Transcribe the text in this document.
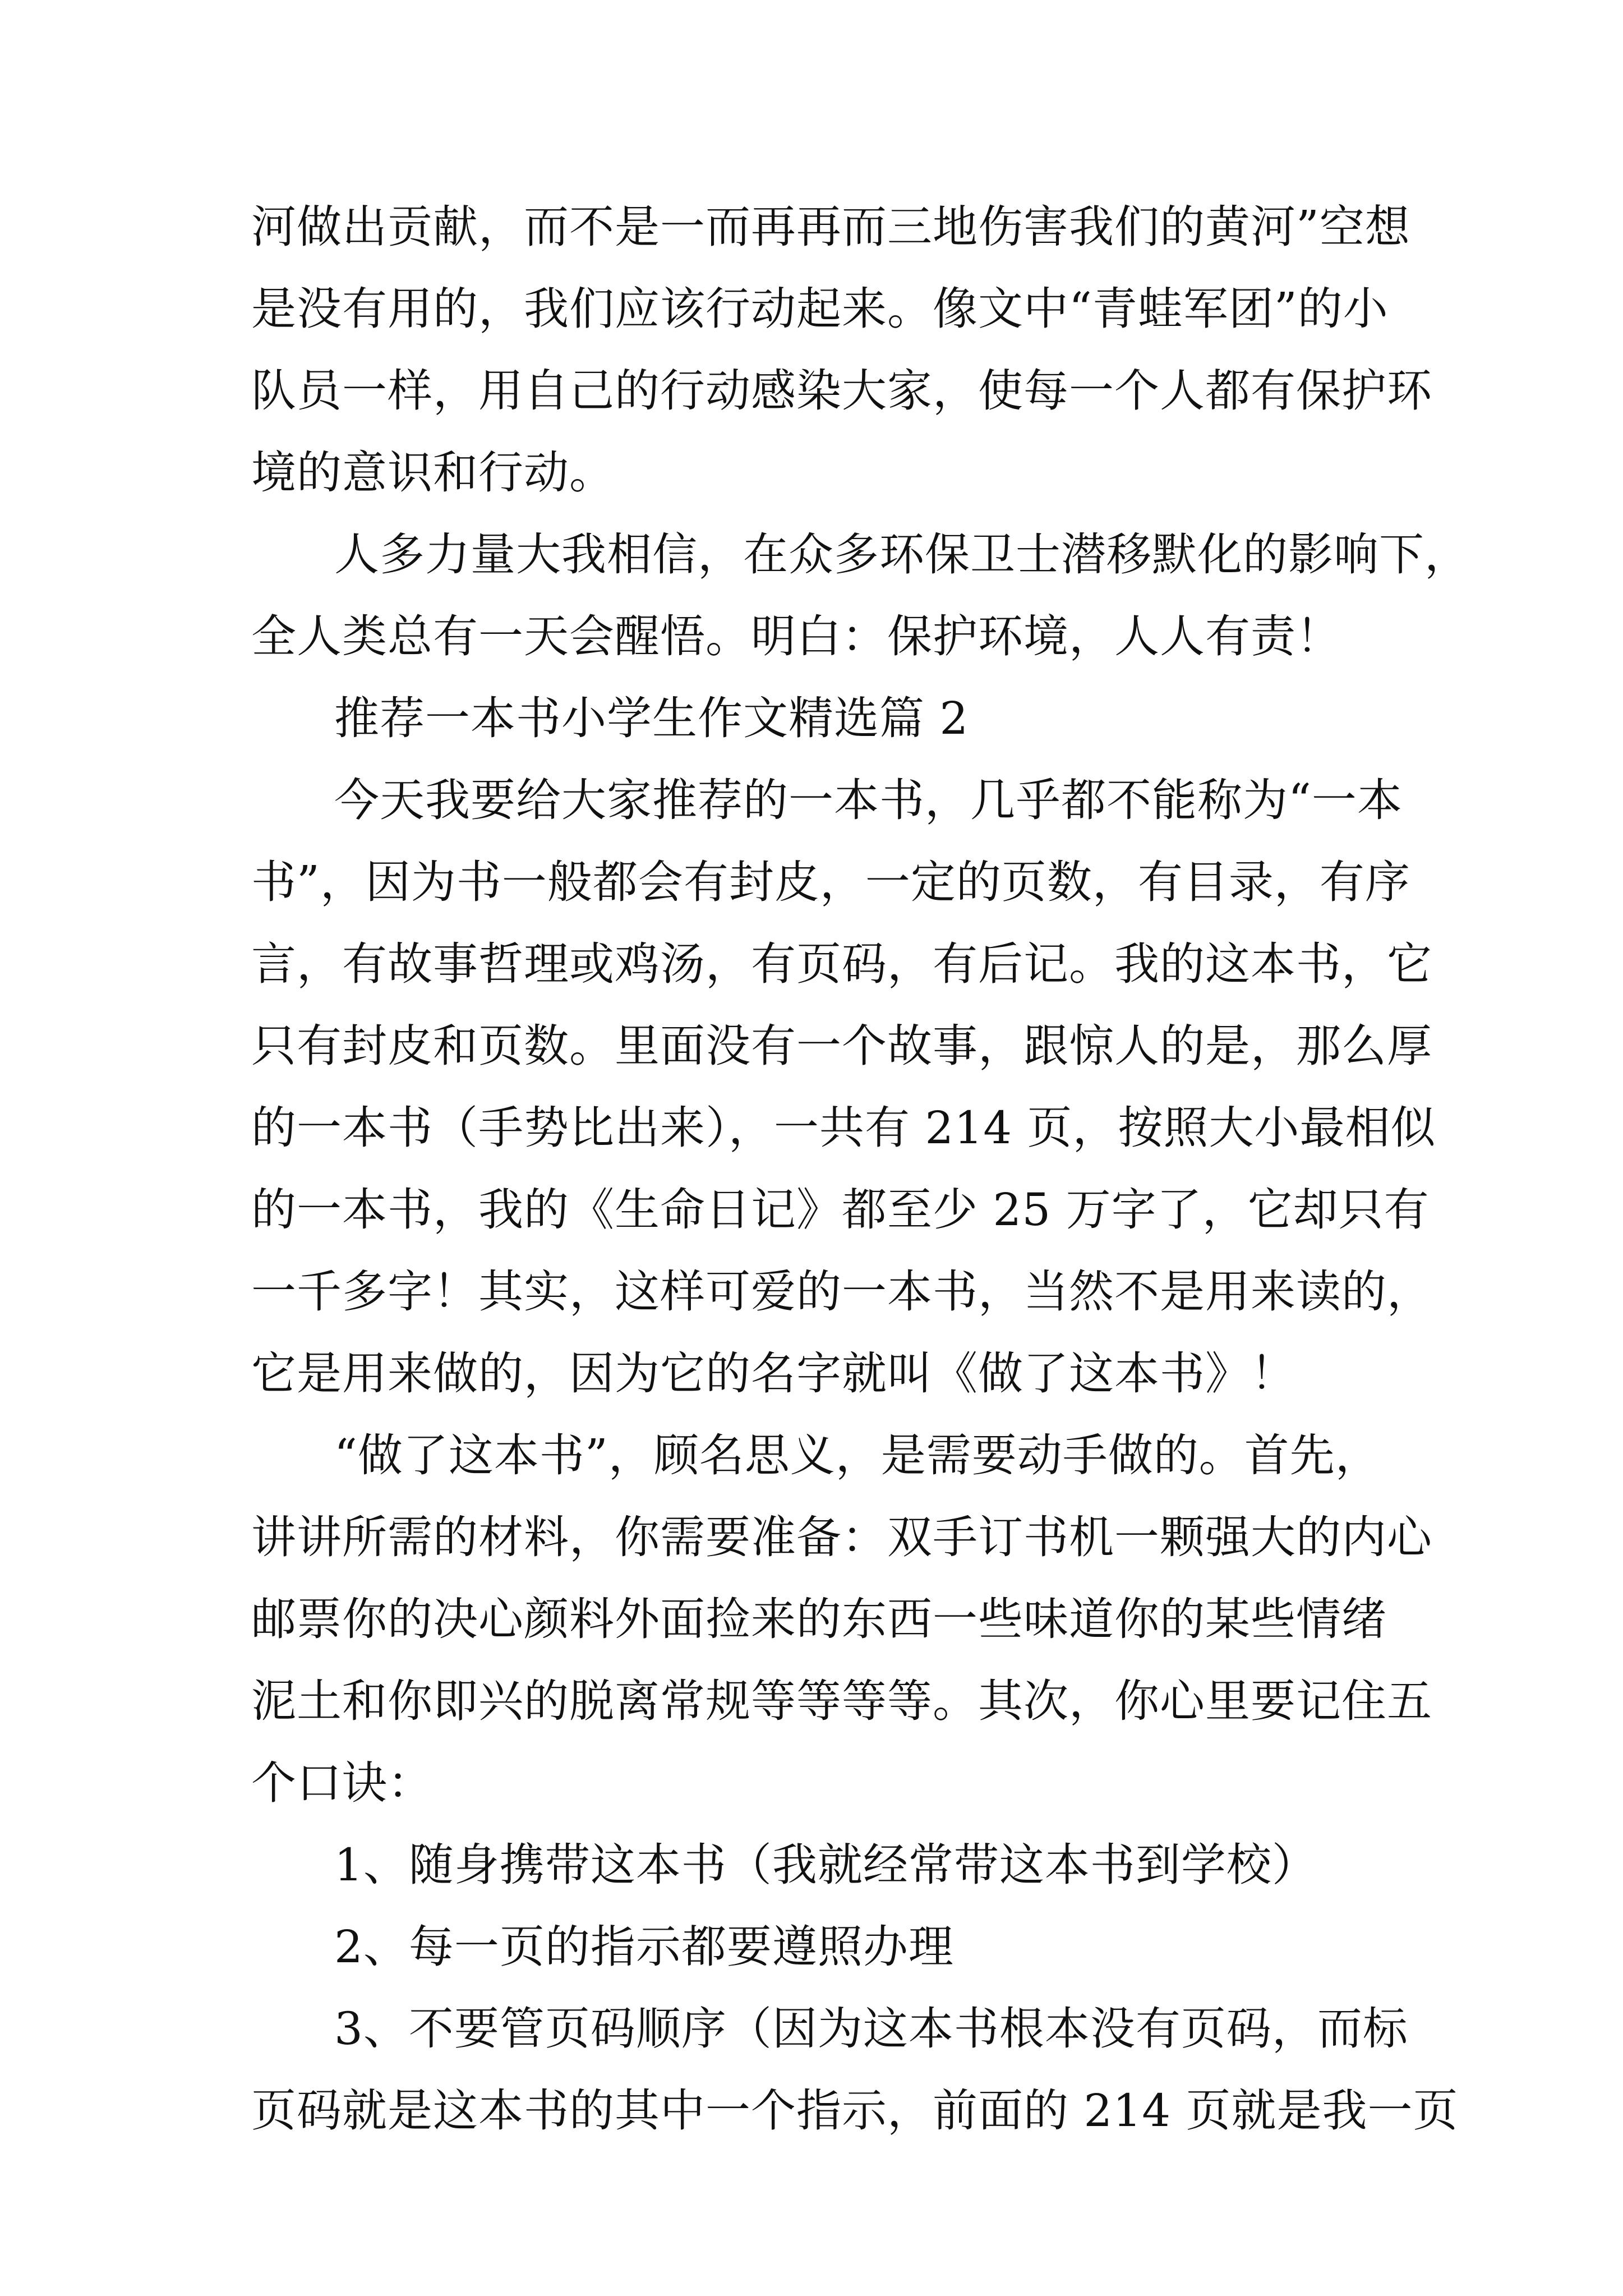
河做出贡献，而不是一而再再而三地伤害我们的黄河”空想
是没有用的，我们应该行动起来。像文中“青蛙军团”的小
队员一样，用自己的行动感染大家，使每一个人都有保护环
境的意识和行动。
人多力量大我相信，在众多环保卫士潜移默化的影响下，
全人类总有一天会醒悟。明白：保护环境，人人有责！
推荐一本书小学生作文精选篇 2
今天我要给大家推荐的一本书，几乎都不能称为“一本
书”，因为书一般都会有封皮，一定的页数，有目录，有序
言，有故事哲理或鸡汤，有页码，有后记。我的这本书，它
只有封皮和页数。里面没有一个故事，跟惊人的是，那么厚
的一本书（手势比出来），一共有 214 页，按照大小最相似
的一本书，我的《生命日记》都至少 25 万字了，它却只有
一千多字！其实，这样可爱的一本书，当然不是用来读的，
它是用来做的，因为它的名字就叫《做了这本书》！
“做了这本书”，顾名思义，是需要动手做的。首先，
讲讲所需的材料，你需要准备：双手订书机一颗强大的内心
邮票你的决心颜料外面捡来的东西一些味道你的某些情绪
泥土和你即兴的脱离常规等等等等。其次，你心里要记住五
个口诀：
1、随身携带这本书（我就经常带这本书到学校）
2、每一页的指示都要遵照办理
3、不要管页码顺序（因为这本书根本没有页码，而标
页码就是这本书的其中一个指示，前面的 214 页就是我一页
